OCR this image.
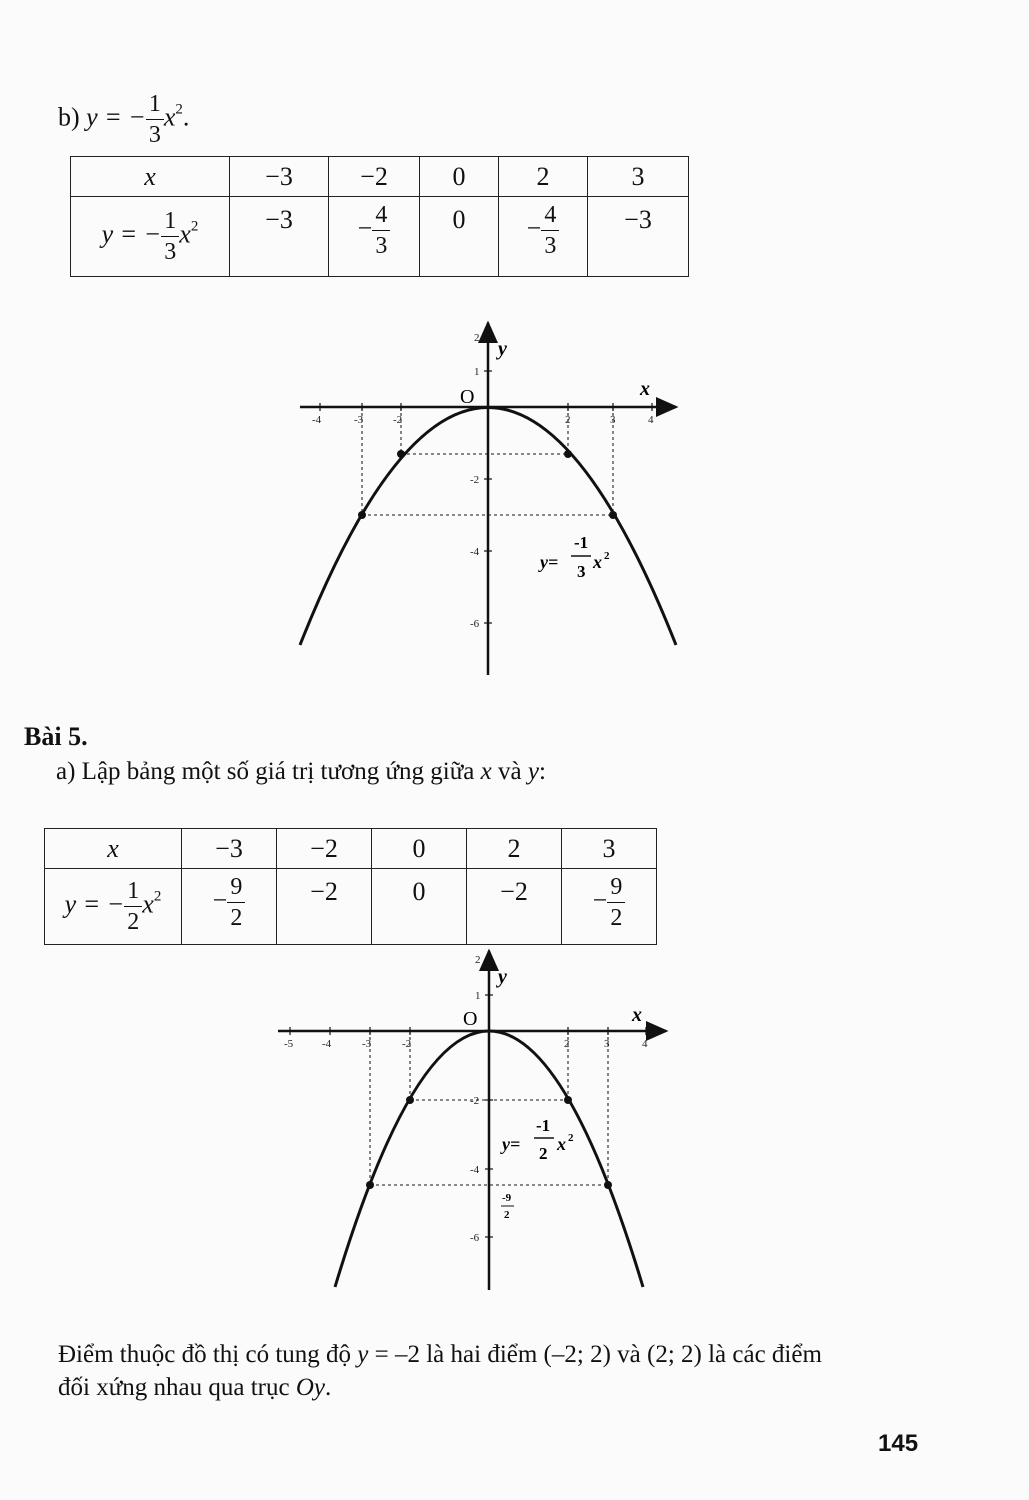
b) y = − $\frac{1}{3} x^2$.
x	−3	−2	0	2	3
y = − $\frac{1}{3} x^2$	−3	− $\frac{4}{3}$	0	− $\frac{4}{3}$	−3
-4	-3	-2	2	3	4
2
1
-2
-4
-6
O
y
x
y=
-1
3 x 2
Bài 5.
a) Lập bảng một số giá trị tương ứng giữa x và y:
x	−3	−2	0	2	3
y = − $\frac{1}{2} x^2$	− $\frac{9}{2}$	−2	0	−2	− $\frac{9}{2}$
-5	-4	-3	-2	2	3	4
2
1
-2
-4
-6
-9
2
O
y
x
y=
-1
2 x 2
Điểm thuộc đồ thị có tung độ y = –2 là hai điểm (–2; 2) và (2; 2) là các điểm
đối xứng nhau qua trục Oy.
145
